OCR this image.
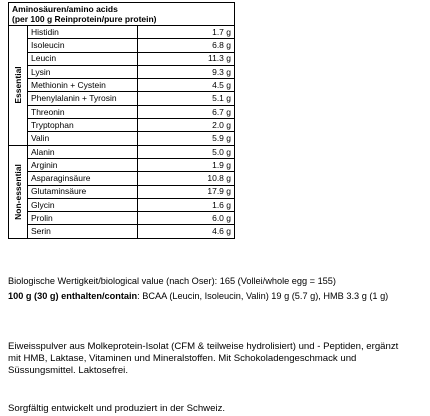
Aminosäuren/amino acids
(per 100 g Reinprotein/pure protein)		

Essential	Histidin	1.7 g
	Isoleucin	6.8 g
	Leucin	11.3 g
	Lysin	9.3 g
	Methionin + Cystein	4.5 g
	Phenylalanin + Tyrosin	5.1 g
	Threonin	6.7 g
	Tryptophan	2.0 g
	Valin	5.9 g

Non-essential	Alanin	5.0 g
	Arginin	1.9 g
	Asparaginsäure	10.8 g
	Glutaminsäure	17.9 g
	Glycin	1.6 g
	Prolin	6.0 g
	Serin	4.6 g
Biologische Wertigkeit/biological value (nach Oser): 165 (Vollei/whole egg = 155)
100 g (30 g) enthalten/contain: BCAA (Leucin, Isoleucin, Valin) 19 g (5.7 g), HMB 3.3 g (1 g)
Eiweisspulver aus Molkeprotein-Isolat (CFM & teilweise hydrolisiert) und - Peptiden, ergänzt mit HMB, Laktase, Vitaminen und Mineralstoffen. Mit Schokoladengeschmack und Süssungsmittel. Laktosefrei.
Sorgfältig entwickelt und produziert in der Schweiz.
